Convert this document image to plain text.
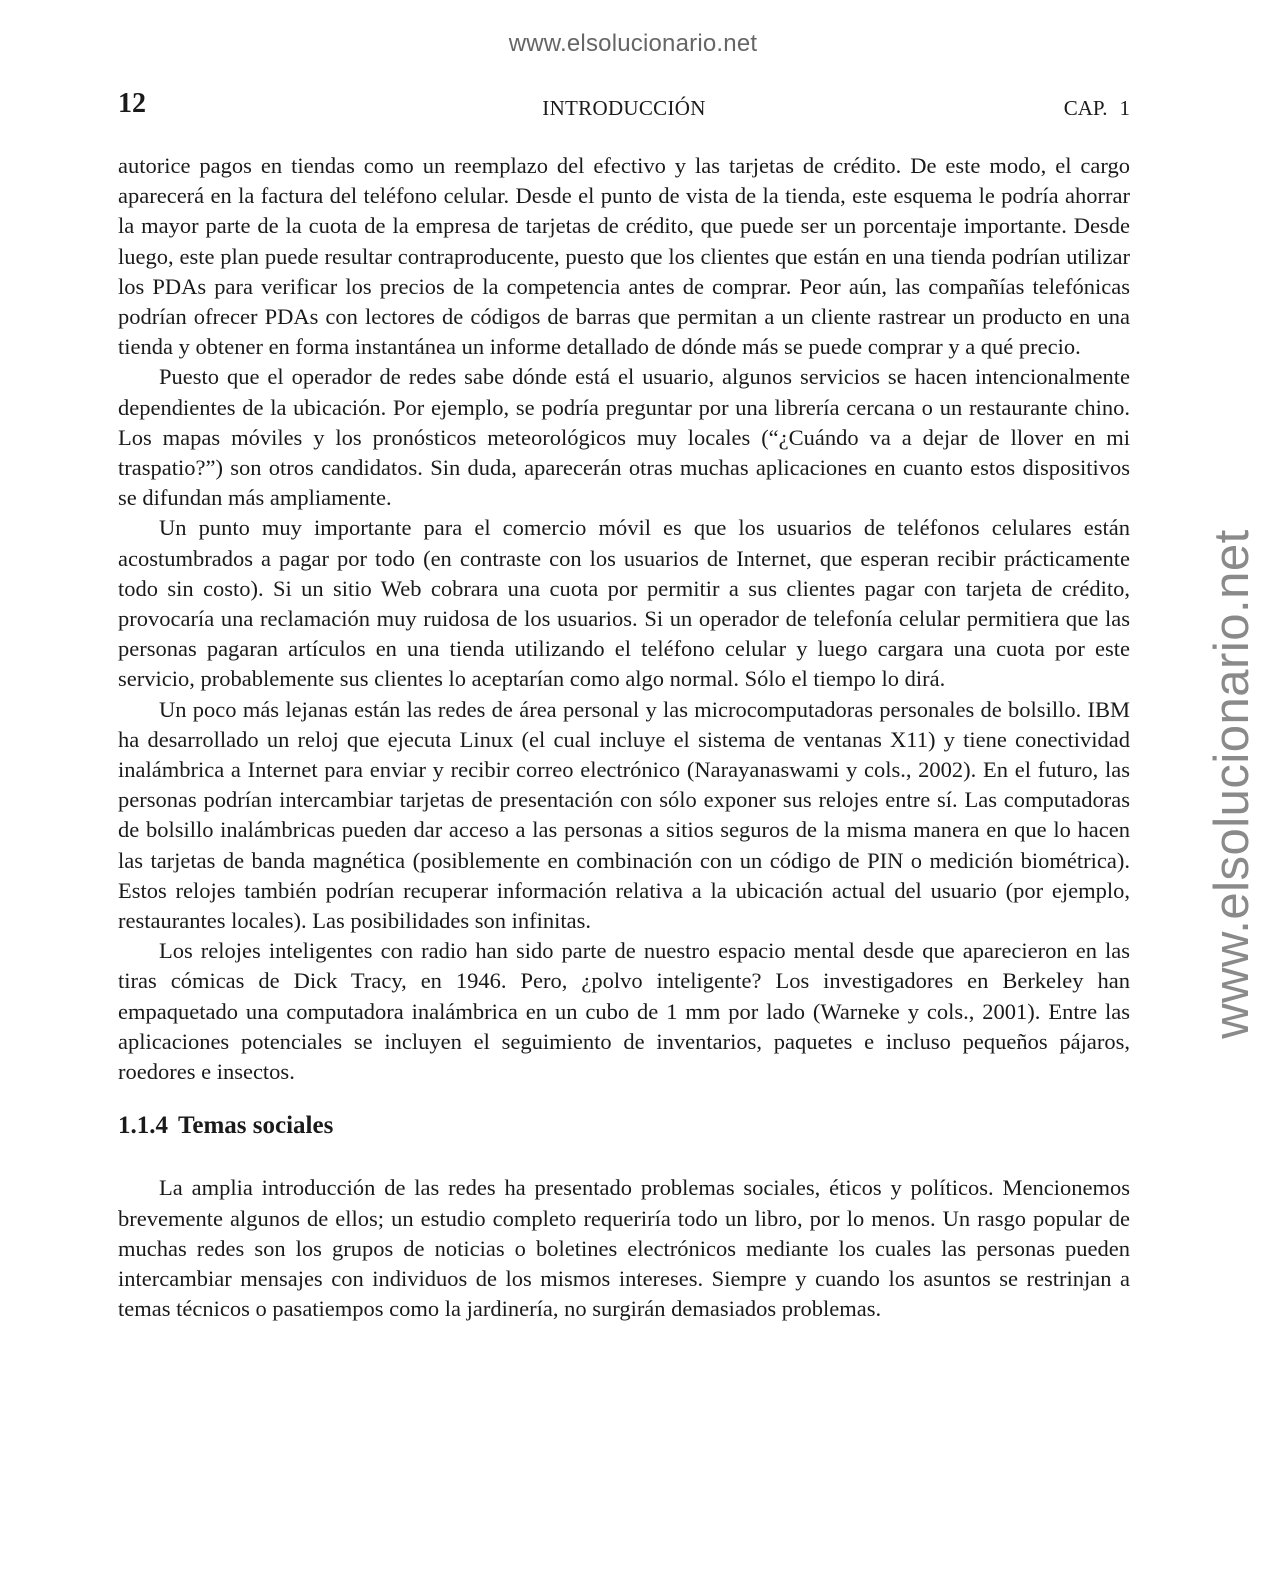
www.elsolucionario.net
www.elsolucionario.net
12	INTRODUCCIÓN	CAP. 1

autorice pagos en tiendas como un reemplazo del efectivo y las tarjetas de crédito. De este modo, el cargo aparecerá en la factura del teléfono celular. Desde el punto de vista de la tienda, este esquema le podría ahorrar la mayor parte de la cuota de la empresa de tarjetas de crédito, que puede ser un porcentaje importante. Desde luego, este plan puede resultar contraproducente, puesto que los clientes que están en una tienda podrían utilizar los PDAs para verificar los precios de la competencia antes de comprar. Peor aún, las compañías telefónicas podrían ofrecer PDAs con lectores de códigos de barras que permitan a un cliente rastrear un producto en una tienda y obtener en forma instantánea un informe detallado de dónde más se puede comprar y a qué precio.

Puesto que el operador de redes sabe dónde está el usuario, algunos servicios se hacen intencionalmente dependientes de la ubicación. Por ejemplo, se podría preguntar por una librería cercana o un restaurante chino. Los mapas móviles y los pronósticos meteorológicos muy locales (“¿Cuándo va a dejar de llover en mi traspatio?”) son otros candidatos. Sin duda, aparecerán otras muchas aplicaciones en cuanto estos dispositivos se difundan más ampliamente.

Un punto muy importante para el comercio móvil es que los usuarios de teléfonos celulares están acostumbrados a pagar por todo (en contraste con los usuarios de Internet, que esperan recibir prácticamente todo sin costo). Si un sitio Web cobrara una cuota por permitir a sus clientes pagar con tarjeta de crédito, provocaría una reclamación muy ruidosa de los usuarios. Si un operador de telefonía celular permitiera que las personas pagaran artículos en una tienda utilizando el teléfono celular y luego cargara una cuota por este servicio, probablemente sus clientes lo aceptarían como algo normal. Sólo el tiempo lo dirá.

Un poco más lejanas están las redes de área personal y las microcomputadoras personales de bolsillo. IBM ha desarrollado un reloj que ejecuta Linux (el cual incluye el sistema de ventanas X11) y tiene conectividad inalámbrica a Internet para enviar y recibir correo electrónico (Narayanaswami y cols., 2002). En el futuro, las personas podrían intercambiar tarjetas de presentación con sólo exponer sus relojes entre sí. Las computadoras de bolsillo inalámbricas pueden dar acceso a las personas a sitios seguros de la misma manera en que lo hacen las tarjetas de banda magnética (posiblemente en combinación con un código de PIN o medición biométrica). Estos relojes también podrían recuperar información relativa a la ubicación actual del usuario (por ejemplo, restaurantes locales). Las posibilidades son infinitas.

Los relojes inteligentes con radio han sido parte de nuestro espacio mental desde que aparecieron en las tiras cómicas de Dick Tracy, en 1946. Pero, ¿polvo inteligente? Los investigadores en Berkeley han empaquetado una computadora inalámbrica en un cubo de 1 mm por lado (Warneke y cols., 2001). Entre las aplicaciones potenciales se incluyen el seguimiento de inventarios, paquetes e incluso pequeños pájaros, roedores e insectos.

1.1.4 Temas sociales

La amplia introducción de las redes ha presentado problemas sociales, éticos y políticos. Mencionemos brevemente algunos de ellos; un estudio completo requeriría todo un libro, por lo menos. Un rasgo popular de muchas redes son los grupos de noticias o boletines electrónicos mediante los cuales las personas pueden intercambiar mensajes con individuos de los mismos intereses. Siempre y cuando los asuntos se restrinjan a temas técnicos o pasatiempos como la jardinería, no surgirán demasiados problemas.
